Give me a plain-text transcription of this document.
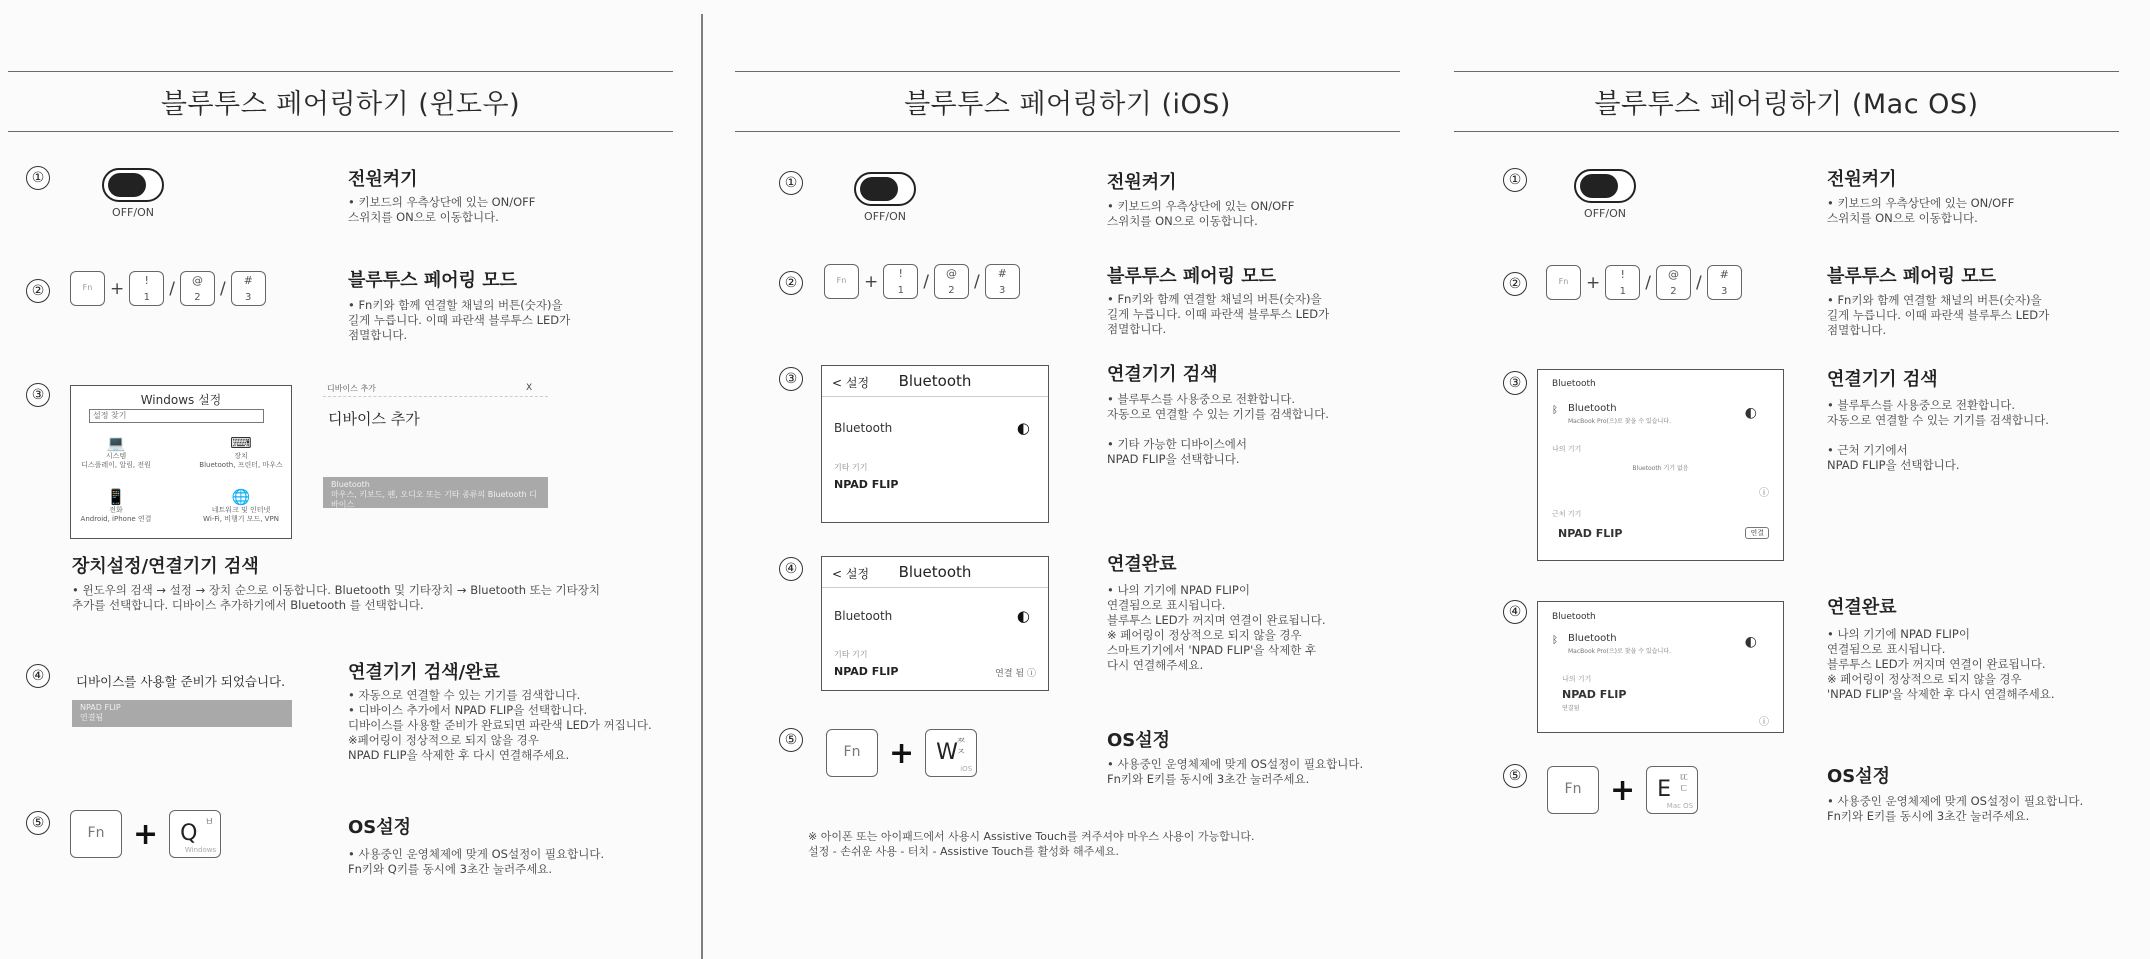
블루투스 페어링하기 (윈도우)
①
OFF/ON
전원켜기
• 키보드의 우측상단에 있는 ON/OFF
스위치를 ON으로 이동합니다.
②	Fn	+	!
1	/	@
2	/	#
3
블루투스 페어링 모드
• Fn키와 함께 연결할 채널의 버튼(숫자)을
길게 누릅니다. 이때 파란색 블루투스 LED가
점멸합니다.
③	Windows 설정
설정 찾기
💻
시스템
디스플레이, 알림, 전원
⌨
장치
Bluetooth, 프린터, 마우스
📱
전화
Android, iPhone 연결
🌐
네트워크 및 인터넷
Wi-Fi, 비행기 모드, VPN
디바이스 추가	X
디바이스 추가
Bluetooth
마우스, 키보드, 펜, 오디오 또는 기타 종류의 Bluetooth 디바이스
장치설정/연결기기 검색
• 윈도우의 검색 → 설정 → 장치 순으로 이동합니다. Bluetooth 및 기타장치 → Bluetooth 또는 기타장치
추가를 선택합니다. 디바이스 추가하기에서 Bluetooth 를 선택합니다.
④	디바이스를 사용할 준비가 되었습니다.
NPAD FLIP
연결됨
연결기기 검색/완료
• 자동으로 연결할 수 있는 기기를 검색합니다.
• 디바이스 추가에서 NPAD FLIP을 선택합니다.
디바이스를 사용할 준비가 완료되면 파란색 LED가 꺼집니다.
※페어링이 정상적으로 되지 않을 경우
NPAD FLIP을 삭제한 후 다시 연결해주세요.
⑤
Fn + Q ㅂ
Windows
OS설정
• 사용중인 운영체제에 맞게 OS설정이 필요합니다.
Fn키와 Q키를 동시에 3초간 눌러주세요.
블루투스 페어링하기 (iOS)
①
OFF/ON
전원켜기
• 키보드의 우측상단에 있는 ON/OFF
스위치를 ON으로 이동합니다.
②	Fn	+	!
1	/	@
2	/	#
3
블루투스 페어링 모드
• Fn키와 함께 연결할 채널의 버튼(숫자)을
길게 누릅니다. 이때 파란색 블루투스 LED가
점멸합니다.
③	< 설정	Bluetooth
Bluetooth	◐
기타 기기
NPAD FLIP
연결기기 검색
• 블루투스를 사용중으로 전환합니다.
자동으로 연결할 수 있는 기기를 검색합니다.

• 기타 가능한 디바이스에서
NPAD FLIP을 선택합니다.
④	< 설정	Bluetooth
Bluetooth	◐
기타 기기
NPAD FLIP	연결 됨 ⓘ
연결완료
• 나의 기기에 NPAD FLIP이
연결됨으로 표시됩니다.
블루투스 LED가 꺼지며 연결이 완료됩니다.
※ 페어링이 정상적으로 되지 않을 경우
스마트기기에서 'NPAD FLIP'을 삭제한 후
다시 연결해주세요.
⑤
Fn + W
ㅉ ㅈ
iOS
OS설정
• 사용중인 운영체제에 맞게 OS설정이 필요합니다.
Fn키와 E키를 동시에 3초간 눌러주세요.
※ 아이폰 또는 아이패드에서 사용시 Assistive Touch를 켜주셔야 마우스 사용이 가능합니다.
설정 - 손쉬운 사용 - 터치 - Assistive Touch를 활성화 해주세요.
블루투스 페어링하기 (Mac OS)
①
OFF/ON
전원켜기
• 키보드의 우측상단에 있는 ON/OFF
스위치를 ON으로 이동합니다.
②	Fn	+	!
1	/	@
2	/	#
3
블루투스 페어링 모드
• Fn키와 함께 연결할 채널의 버튼(숫자)을
길게 누릅니다. 이때 파란색 블루투스 LED가
점멸합니다.
③	Bluetooth
ᛒ Bluetooth
MacBook Pro(으)로 찾을 수 있습니다.
◐
나의 기기
Bluetooth 기기 없음
ⓘ
근처 기기
NPAD FLIP	연결
연결기기 검색
• 블루투스를 사용중으로 전환합니다.
자동으로 연결할 수 있는 기기를 검색합니다.

• 근처 기기에서
NPAD FLIP을 선택합니다.
④	Bluetooth
ᛒ Bluetooth
MacBook Pro(으)로 찾을 수 있습니다.
◐
나의 기기
NPAD FLIP
연결됨
ⓘ
연결완료
• 나의 기기에 NPAD FLIP이
연결됨으로 표시됩니다.
블루투스 LED가 꺼지며 연결이 완료됩니다.
※ 페어링이 정상적으로 되지 않을 경우
'NPAD FLIP'을 삭제한 후 다시 연결해주세요.
⑤
Fn + E ㄸ ㄷ
Mac OS
OS설정
• 사용중인 운영체제에 맞게 OS설정이 필요합니다.
Fn키와 E키를 동시에 3초간 눌러주세요.
